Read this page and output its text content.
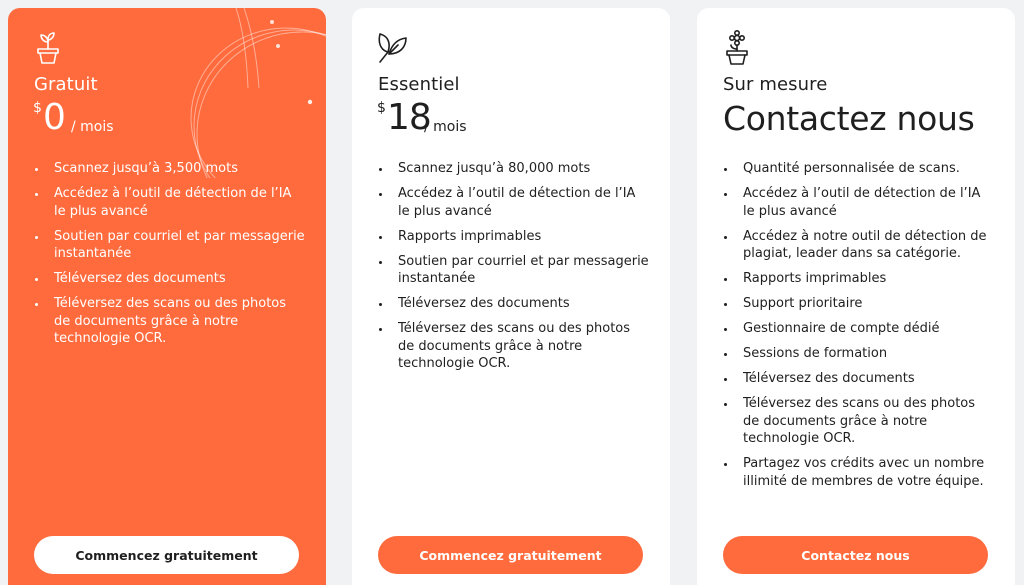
Gratuit
$ 0 / mois
Scannez jusqu’à 3,500 mots
Accédez à l’outil de détection de l’IA le plus avancé
Soutien par courriel et par messagerie instantanée
Téléversez des documents
Téléversez des scans ou des photos de documents grâce à notre technologie OCR.
Commencez gratuitement
Essentiel
$ 18
/ mois
Scannez jusqu’à 80,000 mots
Accédez à l’outil de détection de l’IA le plus avancé
Rapports imprimables
Soutien par courriel et par messagerie instantanée
Téléversez des documents
Téléversez des scans ou des photos de documents grâce à notre technologie OCR.
Commencez gratuitement
Sur mesure
Contactez nous
Quantité personnalisée de scans.
Accédez à l’outil de détection de l’IA le plus avancé
Accédez à notre outil de détection de plagiat, leader dans sa catégorie.
Rapports imprimables
Support prioritaire
Gestionnaire de compte dédié
Sessions de formation
Téléversez des documents
Téléversez des scans ou des photos de documents grâce à notre technologie OCR.
Partagez vos crédits avec un nombre illimité de membres de votre équipe.
Contactez nous
